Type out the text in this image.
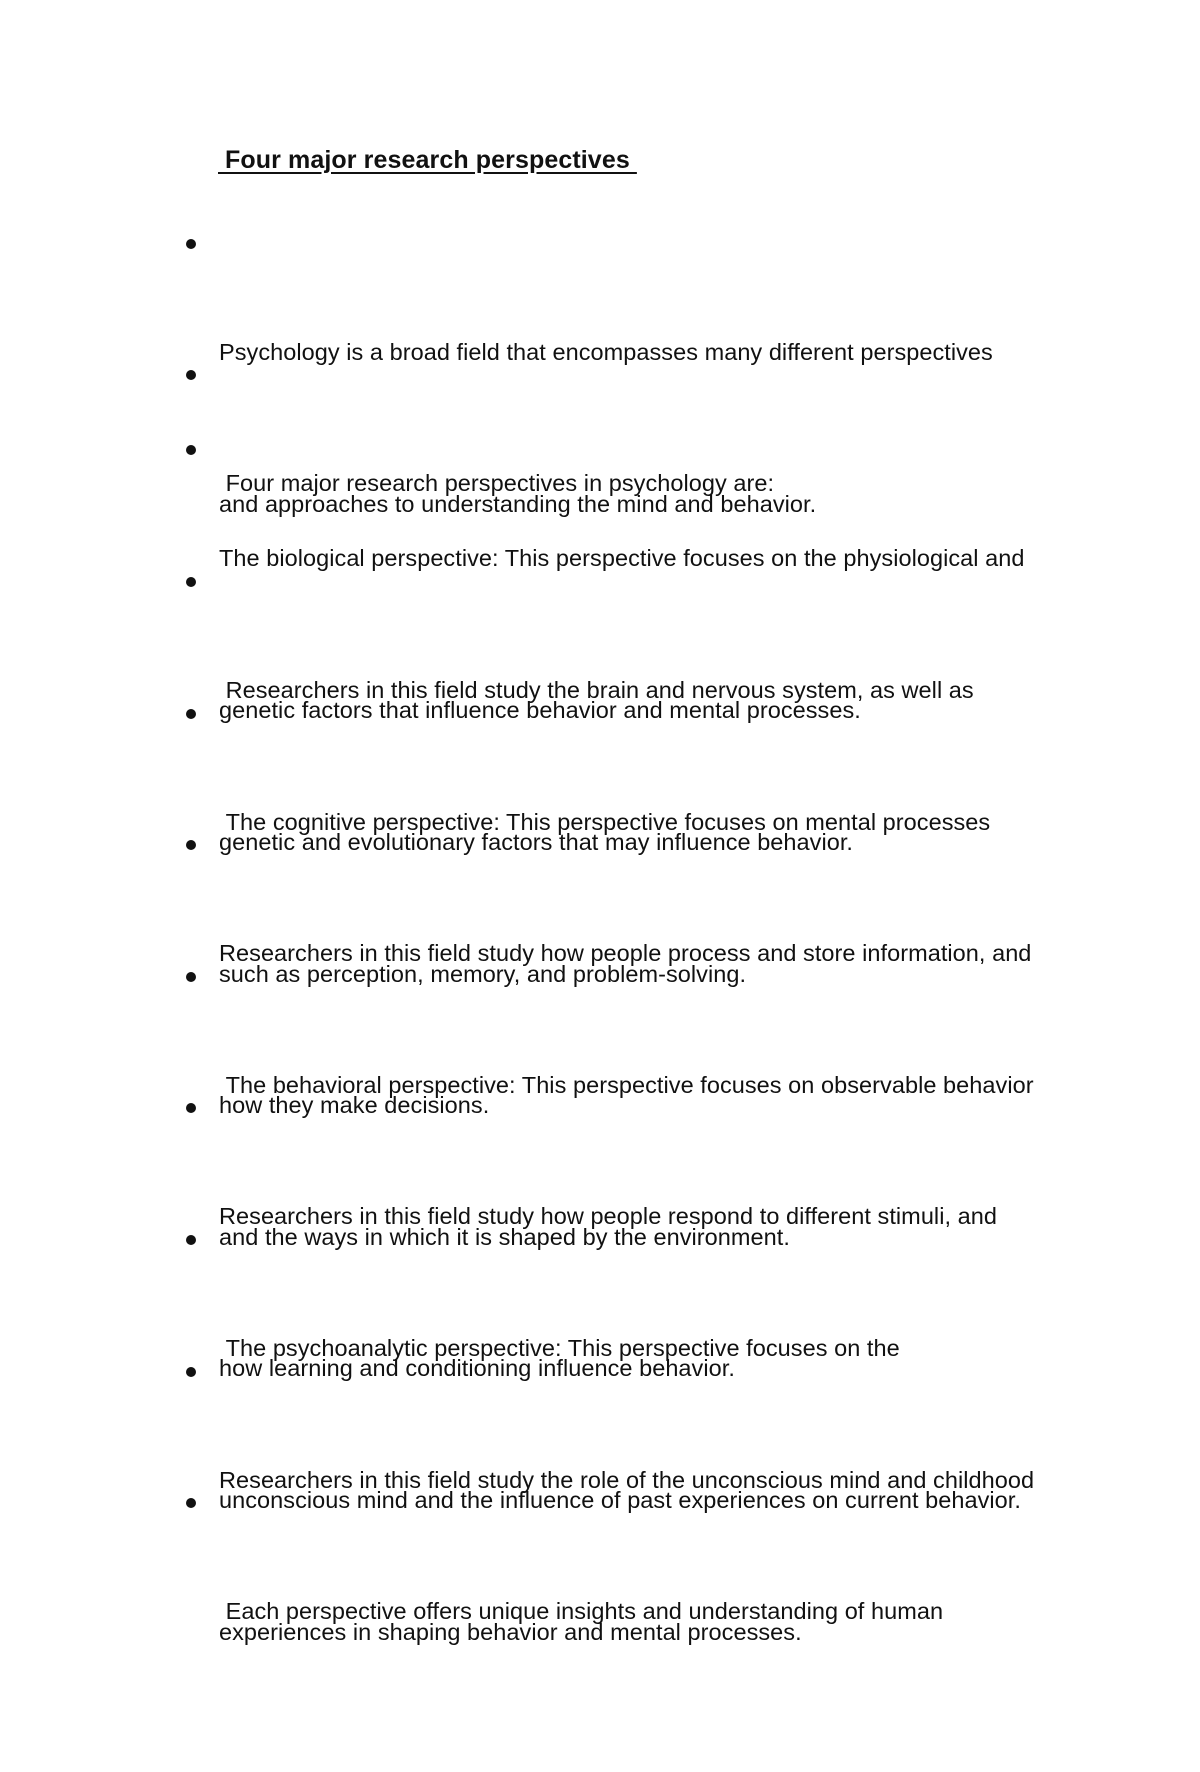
Four major research perspectives

Psychology is a broad field that encompasses many different perspectives

and approaches to understanding the mind and behavior.

Four major research perspectives in psychology are:

The biological perspective: This perspective focuses on the physiological and

genetic factors that influence behavior and mental processes.

Researchers in this field study the brain and nervous system, as well as

genetic and evolutionary factors that may influence behavior.

The cognitive perspective: This perspective focuses on mental processes

such as perception, memory, and problem-solving.

Researchers in this field study how people process and store information, and

how they make decisions.

The behavioral perspective: This perspective focuses on observable behavior

and the ways in which it is shaped by the environment.

Researchers in this field study how people respond to different stimuli, and

how learning and conditioning influence behavior.

The psychoanalytic perspective: This perspective focuses on the

unconscious mind and the influence of past experiences on current behavior.

Researchers in this field study the role of the unconscious mind and childhood

experiences in shaping behavior and mental processes.

Each perspective offers unique insights and understanding of human
